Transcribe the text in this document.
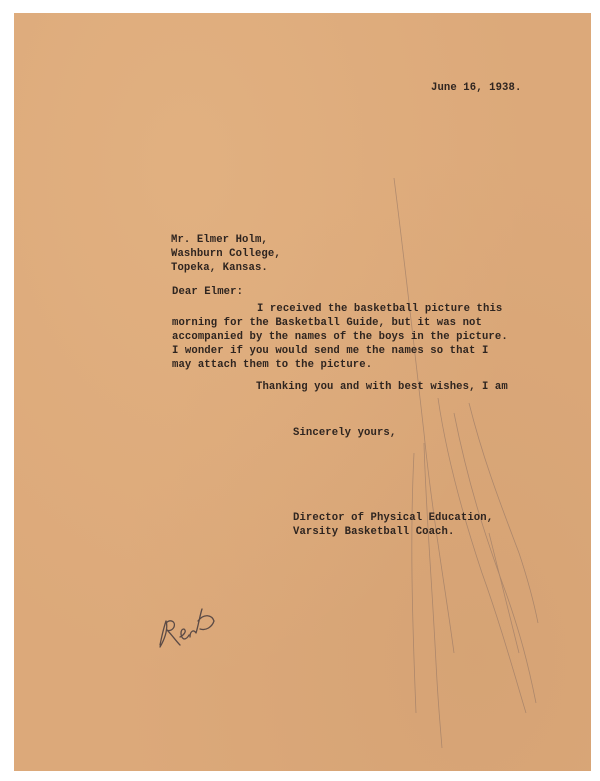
June 16, 1938.
Mr. Elmer Holm,
Washburn College,
Topeka, Kansas.
Dear Elmer:
I received the basketball picture this
morning for the Basketball Guide, but it was not
accompanied by the names of the boys in the picture.
I wonder if you would send me the names so that I
may attach them to the picture.
Thanking you and with best wishes, I am
Sincerely yours,
Director of Physical Education,
Varsity Basketball Coach.
